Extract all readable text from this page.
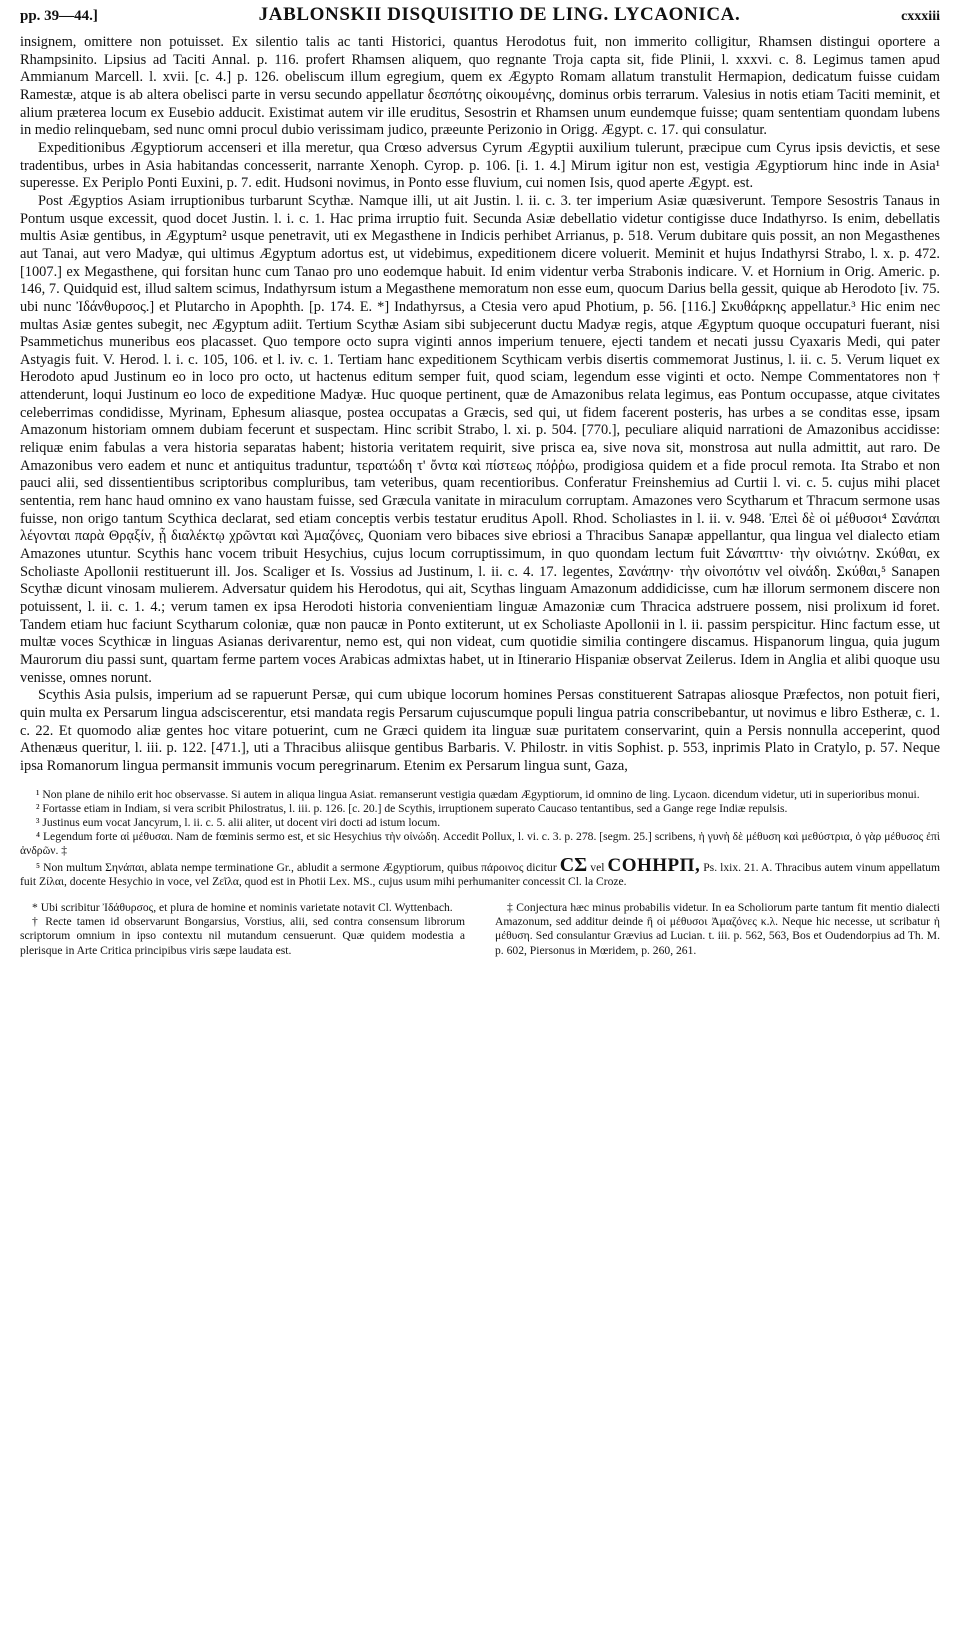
pp. 39—44.]	JABLONSKII DISQUISITIO DE LING. LYCAONICA.	cxxxiii

insignem, omittere non potuisset. Ex silentio talis ac tanti Historici, quantus Herodotus fuit, non immerito colligitur, Rhamsen distingui oportere a Rhampsinito. Lipsius ad Taciti Annal. p. 116. profert Rhamsen aliquem, quo regnante Troja capta sit, fide Plinii, l. xxxvi. c. 8. Legimus tamen apud Ammianum Marcell. l. xvii. [c. 4.] p. 126. obeliscum illum egregium, quem ex Ægypto Romam allatum transtulit Hermapion, dedicatum fuisse cuidam Ramestæ, atque is ab altera obelisci parte in versu secundo appellatur δεσπότης οἰκουμένης, dominus orbis terrarum. Valesius in notis etiam Taciti meminit, et alium præterea locum ex Eusebio adducit. Existimat autem vir ille eruditus, Sesostrin et Rhamsen unum eundemque fuisse; quam sententiam quondam lubens in medio relinquebam, sed nunc omni procul dubio verissimam judico, præeunte Perizonio in Origg. Ægypt. c. 17. qui consulatur.

Expeditionibus Ægyptiorum accenseri et illa meretur, qua Crœso adversus Cyrum Ægyptii auxilium tulerunt, præcipue cum Cyrus ipsis devictis, et sese tradentibus, urbes in Asia habitandas concesserit, narrante Xenoph. Cyrop. p. 106. [i. 1. 4.] Mirum igitur non est, vestigia Ægyptiorum hinc inde in Asia¹ superesse. Ex Periplo Ponti Euxini, p. 7. edit. Hudsoni novimus, in Ponto esse fluvium, cui nomen Isis, quod aperte Ægypt. est.

Post Ægyptios Asiam irruptionibus turbarunt Scythæ. Namque illi, ut ait Justin. l. ii. c. 3. ter imperium Asiæ quæsiverunt. Tempore Sesostris Tanaus in Pontum usque excessit, quod docet Justin. l. i. c. 1. Hac prima irruptio fuit. Secunda Asiæ debellatio videtur contigisse duce Indathyrso. Is enim, debellatis multis Asiæ gentibus, in Ægyptum² usque penetravit, uti ex Megasthene in Indicis perhibet Arrianus, p. 518. Verum dubitare quis possit, an non Megasthenes aut Tanai, aut vero Madyæ, qui ultimus Ægyptum adortus est, ut videbimus, expeditionem dicere voluerit. Meminit et hujus Indathyrsi Strabo, l. x. p. 472. [1007.] ex Megasthene, qui forsitan hunc cum Tanao pro uno eodemque habuit. Id enim videntur verba Strabonis indicare. V. et Hornium in Orig. Americ. p. 146, 7. Quidquid est, illud saltem scimus, Indathyrsum istum a Megasthene memoratum non esse eum, quocum Darius bella gessit, quique ab Herodoto [iv. 75. ubi nunc Ἰδάνθυρσος.] et Plutarcho in Apophth. [p. 174. E. *] Indathyrsus, a Ctesia vero apud Photium, p. 56. [116.] Σκυθάρκης appellatur.³ Hic enim nec multas Asiæ gentes subegit, nec Ægyptum adiit. Tertium Scythæ Asiam sibi subjecerunt ductu Madyæ regis, atque Ægyptum quoque occupaturi fuerant, nisi Psammetichus muneribus eos placasset. Quo tempore octo supra viginti annos imperium tenuere, ejecti tandem et necati jussu Cyaxaris Medi, qui pater Astyagis fuit. V. Herod. l. i. c. 105, 106. et l. iv. c. 1. Tertiam hanc expeditionem Scythicam verbis disertis commemorat Justinus, l. ii. c. 5. Verum liquet ex Herodoto apud Justinum eo in loco pro octo, ut hactenus editum semper fuit, quod sciam, legendum esse viginti et octo. Nempe Commentatores non † attenderunt, loqui Justinum eo loco de expeditione Madyæ. Huc quoque pertinent, quæ de Amazonibus relata legimus, eas Pontum occupasse, atque civitates celeberrimas condidisse, Myrinam, Ephesum aliasque, postea occupatas a Græcis, sed qui, ut fidem facerent posteris, has urbes a se conditas esse, ipsam Amazonum historiam omnem dubiam fecerunt et suspectam. Hinc scribit Strabo, l. xi. p. 504. [770.], peculiare aliquid narrationi de Amazonibus accidisse: reliquæ enim fabulas a vera historia separatas habent; historia veritatem requirit, sive prisca ea, sive nova sit, monstrosa aut nulla admittit, aut raro. De Amazonibus vero eadem et nunc et antiquitus traduntur, τερατώδη τ' ὄντα καὶ πίστεως πόῤῥω, prodigiosa quidem et a fide procul remota. Ita Strabo et non pauci alii, sed dissentientibus scriptoribus compluribus, tam veteribus, quam recentioribus. Conferatur Freinshemius ad Curtii l. vi. c. 5. cujus mihi placet sententia, rem hanc haud omnino ex vano haustam fuisse, sed Græcula vanitate in miraculum corruptam. Amazones vero Scytharum et Thracum sermone usas fuisse, non origo tantum Scythica declarat, sed etiam conceptis verbis testatur eruditus Apoll. Rhod. Scholiastes in l. ii. v. 948. Ἐπεὶ δὲ οἱ μέθυσοι⁴ Σανάπαι λέγονται παρὰ Θρᾳξίν, ᾗ διαλέκτῳ χρῶνται καὶ Ἀμαζόνες, Quoniam vero bibaces sive ebriosi a Thracibus Sanapæ appellantur, qua lingua vel dialecto etiam Amazones utuntur. Scythis hanc vocem tribuit Hesychius, cujus locum corruptissimum, in quo quondam lectum fuit Σάναπτιν· τὴν οἰνιώτην. Σκύθαι, ex Scholiaste Apollonii restituerunt ill. Jos. Scaliger et Is. Vossius ad Justinum, l. ii. c. 4. 17. legentes, Σανάπην· τὴν οἰνοπότιν vel οἰνάδη. Σκύθαι,⁵ Sanapen Scythæ dicunt vinosam mulierem. Adversatur quidem his Herodotus, qui ait, Scythas linguam Amazonum addidicisse, cum hæ illorum sermonem discere non potuissent, l. ii. c. 1. 4.; verum tamen ex ipsa Herodoti historia convenientiam linguæ Amazoniæ cum Thracica adstruere possem, nisi prolixum id foret. Tandem etiam huc faciunt Scytharum coloniæ, quæ non paucæ in Ponto extiterunt, ut ex Scholiaste Apollonii in l. ii. passim perspicitur. Hinc factum esse, ut multæ voces Scythicæ in linguas Asianas derivarentur, nemo est, qui non videat, cum quotidie similia contingere discamus. Hispanorum lingua, quia jugum Maurorum diu passi sunt, quartam ferme partem voces Arabicas admixtas habet, ut in Itinerario Hispaniæ observat Zeilerus. Idem in Anglia et alibi quoque usu venisse, omnes norunt.

Scythis Asia pulsis, imperium ad se rapuerunt Persæ, qui cum ubique locorum homines Persas constituerent Satrapas aliosque Præfectos, non potuit fieri, quin multa ex Persarum lingua adsciscerentur, etsi mandata regis Persarum cujuscumque populi lingua patria conscribebantur, ut novimus e libro Estheræ, c. 1. c. 22. Et quomodo aliæ gentes hoc vitare potuerint, cum ne Græci quidem ita linguæ suæ puritatem conservarint, quin a Persis nonnulla acceperint, quod Athenæus queritur, l. iii. p. 122. [471.], uti a Thracibus aliisque gentibus Barbaris. V. Philostr. in vitis Sophist. p. 553, inprimis Plato in Cratylo, p. 57. Neque ipsa Romanorum lingua permansit immunis vocum peregrinarum. Etenim ex Persarum lingua sunt, Gaza,

¹ Non plane de nihilo erit hoc observasse. Si autem in aliqua lingua Asiat. remanserunt vestigia quædam Ægyptiorum, id omnino de ling. Lycaon. dicendum videtur, uti in superioribus monui.

² Fortasse etiam in Indiam, si vera scribit Philostratus, l. iii. p. 126. [c. 20.] de Scythis, irruptionem superato Caucaso tentantibus, sed a Gange rege Indiæ repulsis.

³ Justinus eum vocat Jancyrum, l. ii. c. 5. alii aliter, ut docent viri docti ad istum locum.

⁴ Legendum forte αἱ μέθυσαι. Nam de fœminis sermo est, et sic Hesychius τὴν οἰνώδη. Accedit Pollux, l. vi. c. 3. p. 278. [segm. 25.] scribens, ἡ γυνὴ δὲ μέθυση καὶ μεθύστρια, ὁ γὰρ μέθυσος ἐπὶ ἀνδρῶν. ‡

⁵ Non multum Σηνάπαι, ablata nempe terminatione Gr., abludit a sermone Ægyptiorum, quibus πάροινος dicitur CΣ vel COHHPΠ, Ps. lxix. 21. A. Thracibus autem vinum appellatum fuit Ζίλαι, docente Hesychio in voce, vel Ζεῖλα, quod est in Photii Lex. MS., cujus usum mihi perhumaniter concessit Cl. la Croze.

* Ubi scribitur Ἰδάθυρσος, et plura de homine et nominis varietate notavit Cl. Wyttenbach.

† Recte tamen id observarunt Bongarsius, Vorstius, alii, sed contra consensum librorum scriptorum omnium in ipso contextu nil mutandum censuerunt. Quæ quidem modestia a plerisque in Arte Critica principibus viris sæpe laudata est.

‡ Conjectura hæc minus probabilis videtur. In ea Scholiorum parte tantum fit mentio dialecti Amazonum, sed additur deinde ἢ οἱ μέθυσοι Ἀμαζόνες κ.λ. Neque hic necesse, ut scribatur ἡ μέθυση. Sed consulantur Grævius ad Lucian. t. iii. p. 562, 563, Bos et Oudendorpius ad Th. M. p. 602, Piersonus in Mœridem, p. 260, 261.
